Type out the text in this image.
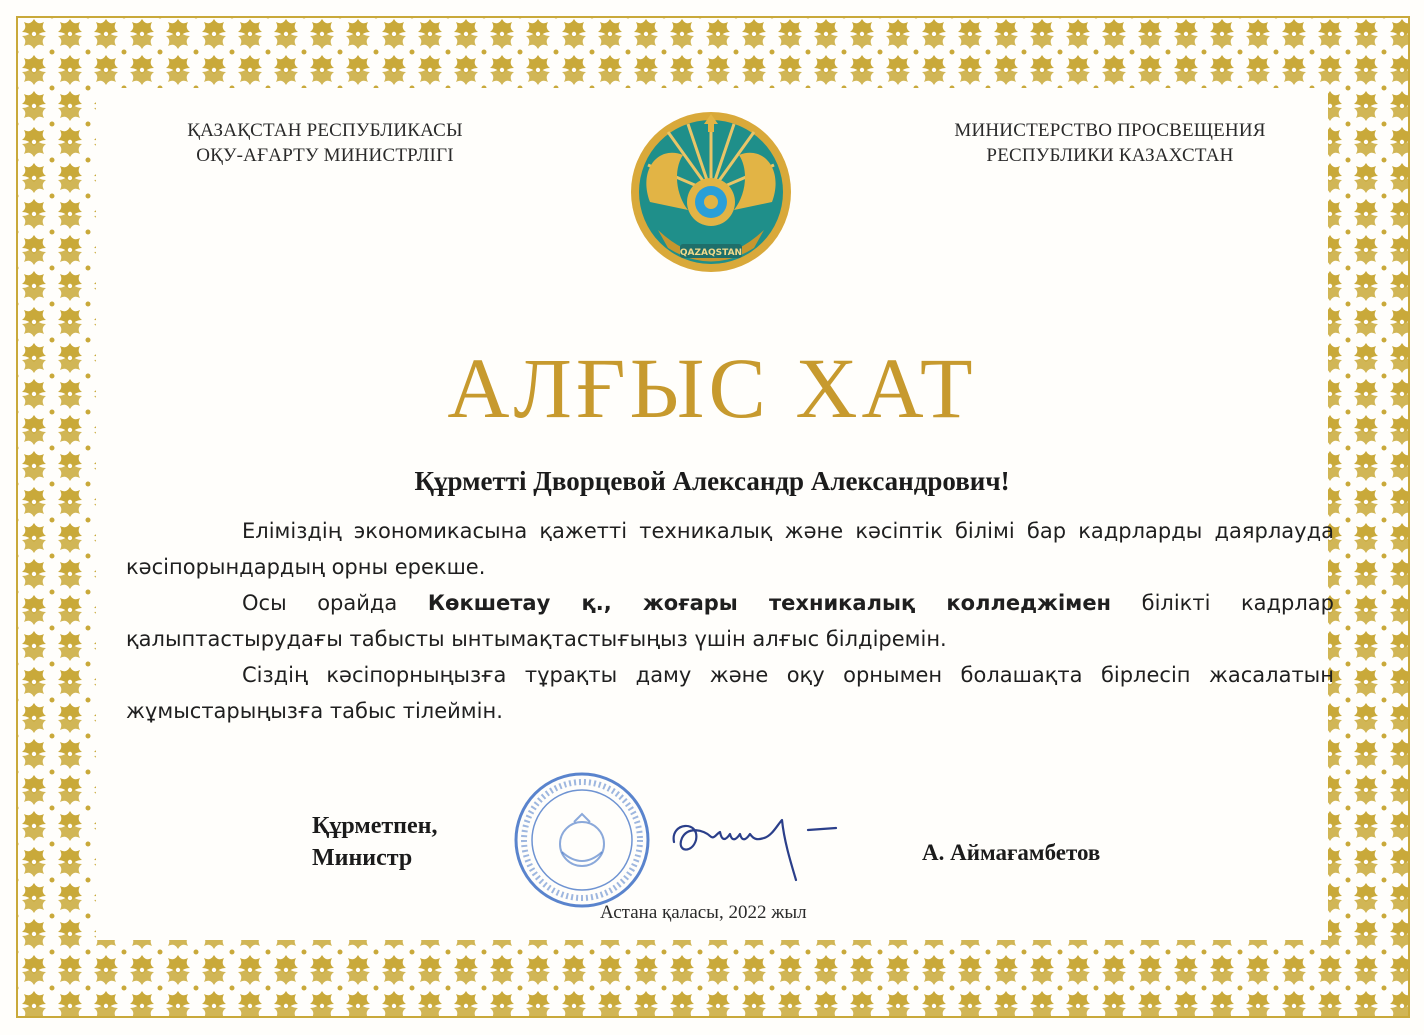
ҚАЗАҚСТАН РЕСПУБЛИКАСЫ
ОҚУ-АҒАРТУ МИНИСТРЛІГІ
QAZAQSTAN
МИНИСТЕРСТВО ПРОСВЕЩЕНИЯ
РЕСПУБЛИКИ КАЗАХСТАН
АЛҒЫС ХАТ
Құрметті Дворцевой Александр Александрович!

Еліміздің экономикасына қажетті техникалық және кәсіптік білімі бар кадрларды даярлауда кәсіпорындардың орны ерекше.

Осы орайда Көкшетау қ., жоғары техникалық колледжімен білікті кадрлар қалыптастырудағы табысты ынтымақтастығыңыз үшін алғыс білдіремін.

Сіздің кәсіпорныңызға тұрақты даму және оқу орнымен болашақта бірлесіп жасалатын жұмыстарыңызға табыс тілеймін.

Құрметпен,
Министр	А. Аймағамбетов
Астана қаласы, 2022 жыл
